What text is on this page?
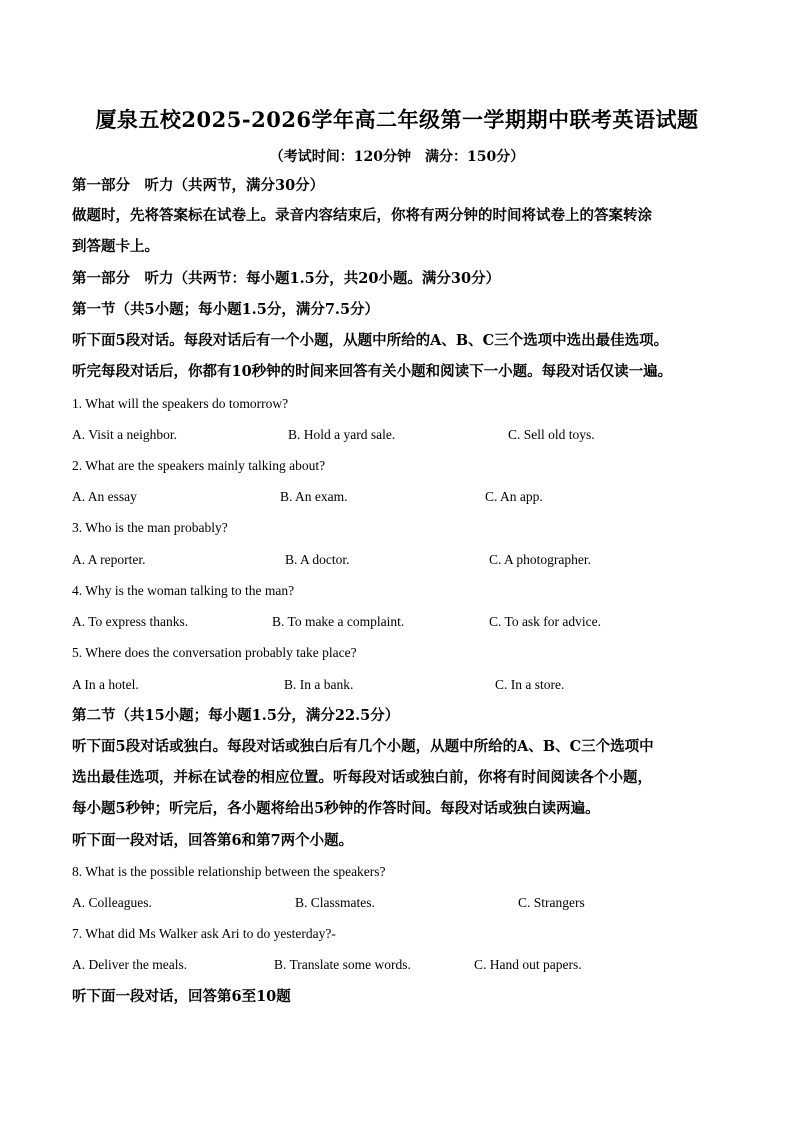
厦泉五校2025-2026学年高二年级第一学期期中联考英语试题
（考试时间：120分钟　满分：150分）
第一部分　听力（共两节，满分30分）
做题时，先将答案标在试卷上。录音内容结束后，你将有两分钟的时间将试卷上的答案转涂
到答题卡上。
第一部分　听力（共两节：每小题1.5分，共20小题。满分30分）
第一节（共5小题；每小题1.5分，满分7.5分）
听下面5段对话。每段对话后有一个小题，从题中所给的A、B、C三个选项中选出最佳选项。
听完每段对话后，你都有10秒钟的时间来回答有关小题和阅读下一小题。每段对话仅读一遍。
1. What will the speakers do tomorrow?
A. Visit a neighbor.	B. Hold a yard sale.	C. Sell old toys.
2. What are the speakers mainly talking about?
A. An essay	B. An exam.	C. An app.
3. Who is the man probably?
A. A reporter.	B. A doctor.	C. A photographer.
4. Why is the woman talking to the man?
A. To express thanks.	B. To make a complaint.	C. To ask for advice.
5. Where does the conversation probably take place?
A In a hotel.	B. In a bank.	C. In a store.
第二节（共15小题；每小题1.5分，满分22.5分）
听下面5段对话或独白。每段对话或独白后有几个小题，从题中所给的A、B、C三个选项中
选出最佳选项，并标在试卷的相应位置。听每段对话或独白前，你将有时间阅读各个小题，
每小题5秒钟；听完后，各小题将给出5秒钟的作答时间。每段对话或独白读两遍。
听下面一段对话，回答第6和第7两个小题。
8. What is the possible relationship between the speakers?
A. Colleagues.	B. Classmates.	C. Strangers
7. What did Ms Walker ask Ari to do yesterday?-
A. Deliver the meals.	B. Translate some words.	C. Hand out papers.
听下面一段对话，回答第6至10题
